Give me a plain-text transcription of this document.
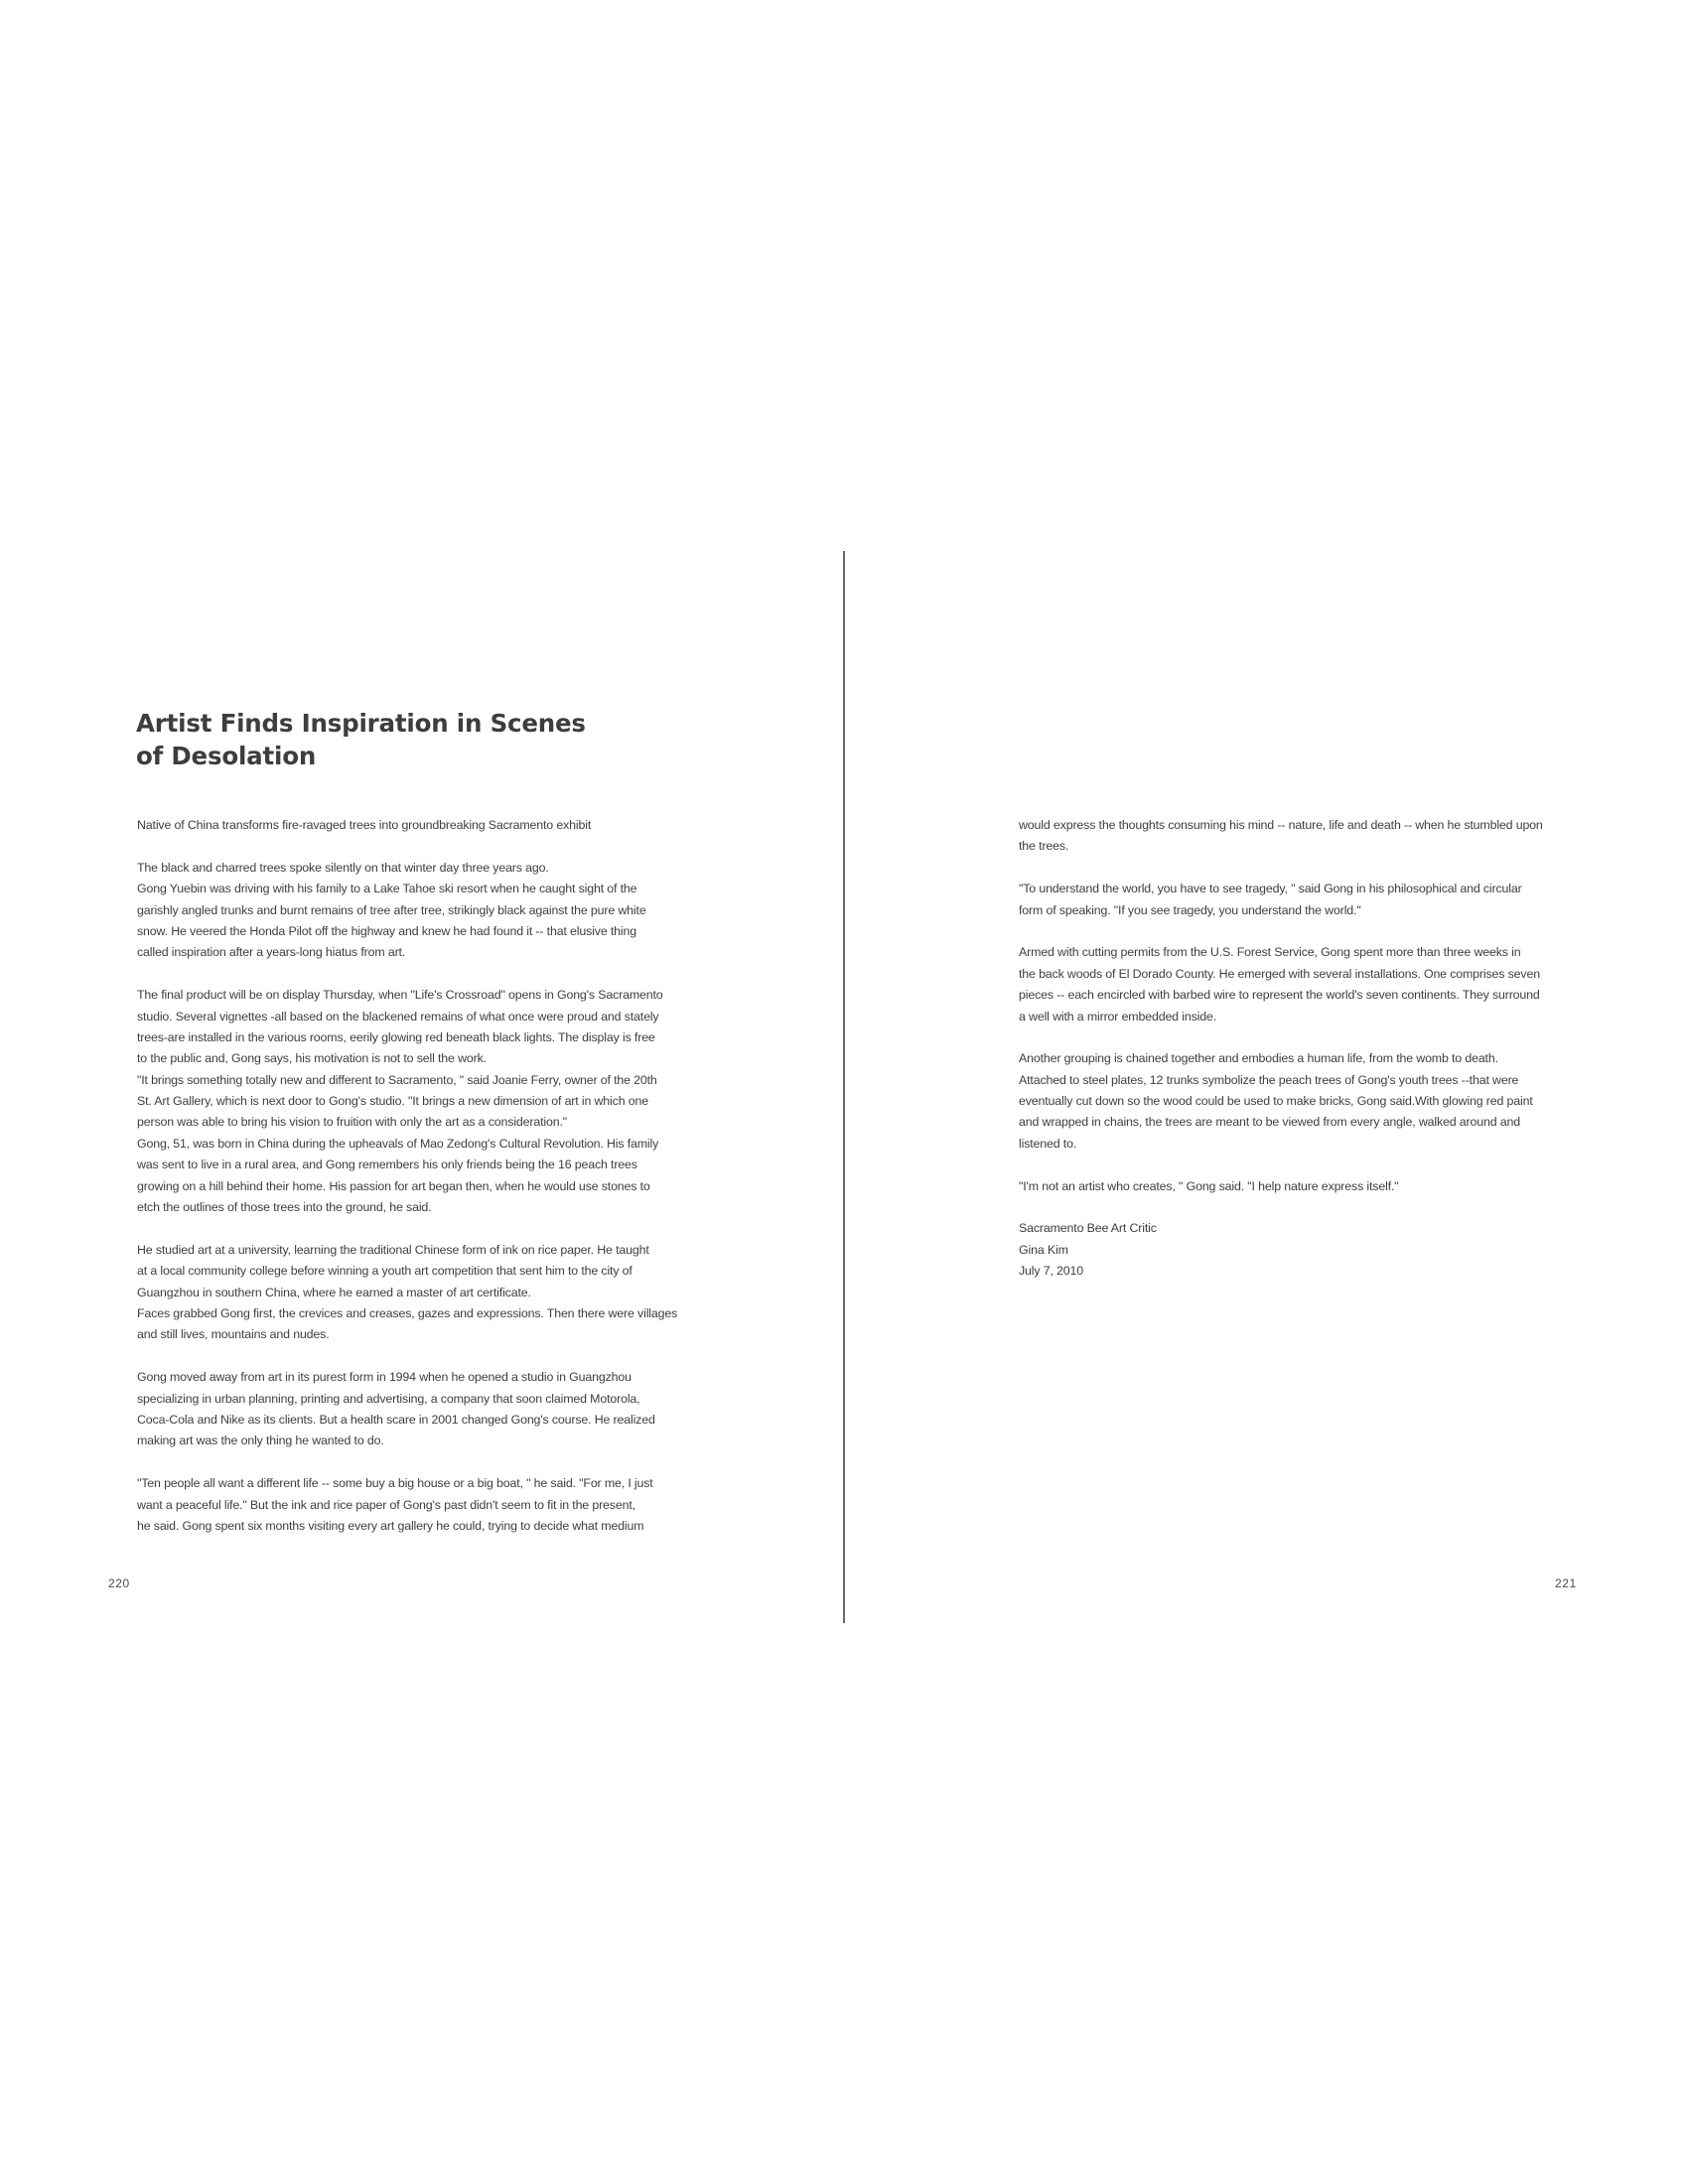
Artist Finds Inspiration in Scenes
of Desolation
Native of China transforms fire-ravaged trees into groundbreaking Sacramento exhibit
The black and charred trees spoke silently on that winter day three years ago.
Gong Yuebin was driving with his family to a Lake Tahoe ski resort when he caught sight of the
garishly angled trunks and burnt remains of tree after tree, strikingly black against the pure white
snow. He veered the Honda Pilot off the highway and knew he had found it -- that elusive thing
called inspiration after a years-long hiatus from art.
The final product will be on display Thursday, when "Life's Crossroad" opens in Gong's Sacramento
studio. Several vignettes -all based on the blackened remains of what once were proud and stately
trees-are installed in the various rooms, eerily glowing red beneath black lights. The display is free
to the public and, Gong says, his motivation is not to sell the work.
"It brings something totally new and different to Sacramento, " said Joanie Ferry, owner of the 20th
St. Art Gallery, which is next door to Gong's studio. "It brings a new dimension of art in which one
person was able to bring his vision to fruition with only the art as a consideration."
Gong, 51, was born in China during the upheavals of Mao Zedong's Cultural Revolution. His family
was sent to live in a rural area, and Gong remembers his only friends being the 16 peach trees
growing on a hill behind their home. His passion for art began then, when he would use stones to
etch the outlines of those trees into the ground, he said.
He studied art at a university, learning the traditional Chinese form of ink on rice paper. He taught
at a local community college before winning a youth art competition that sent him to the city of
Guangzhou in southern China, where he earned a master of art certificate.
Faces grabbed Gong first, the crevices and creases, gazes and expressions. Then there were villages
and still lives, mountains and nudes.
Gong moved away from art in its purest form in 1994 when he opened a studio in Guangzhou
specializing in urban planning, printing and advertising, a company that soon claimed Motorola,
Coca-Cola and Nike as its clients. But a health scare in 2001 changed Gong's course. He realized
making art was the only thing he wanted to do.
"Ten people all want a different life -- some buy a big house or a big boat, " he said. "For me, I just
want a peaceful life." But the ink and rice paper of Gong's past didn't seem to fit in the present,
he said. Gong spent six months visiting every art gallery he could, trying to decide what medium
220
would express the thoughts consuming his mind -- nature, life and death -- when he stumbled upon
the trees.
"To understand the world, you have to see tragedy, " said Gong in his philosophical and circular
form of speaking. "If you see tragedy, you understand the world."
Armed with cutting permits from the U.S. Forest Service, Gong spent more than three weeks in
the back woods of El Dorado County. He emerged with several installations. One comprises seven
pieces -- each encircled with barbed wire to represent the world's seven continents. They surround
a well with a mirror embedded inside.
Another grouping is chained together and embodies a human life, from the womb to death.
Attached to steel plates, 12 trunks symbolize the peach trees of Gong's youth trees --that were
eventually cut down so the wood could be used to make bricks, Gong said.With glowing red paint
and wrapped in chains, the trees are meant to be viewed from every angle, walked around and
listened to.
"I'm not an artist who creates, " Gong said. "I help nature express itself."
Sacramento Bee Art Critic
Gina Kim
July 7, 2010
221
